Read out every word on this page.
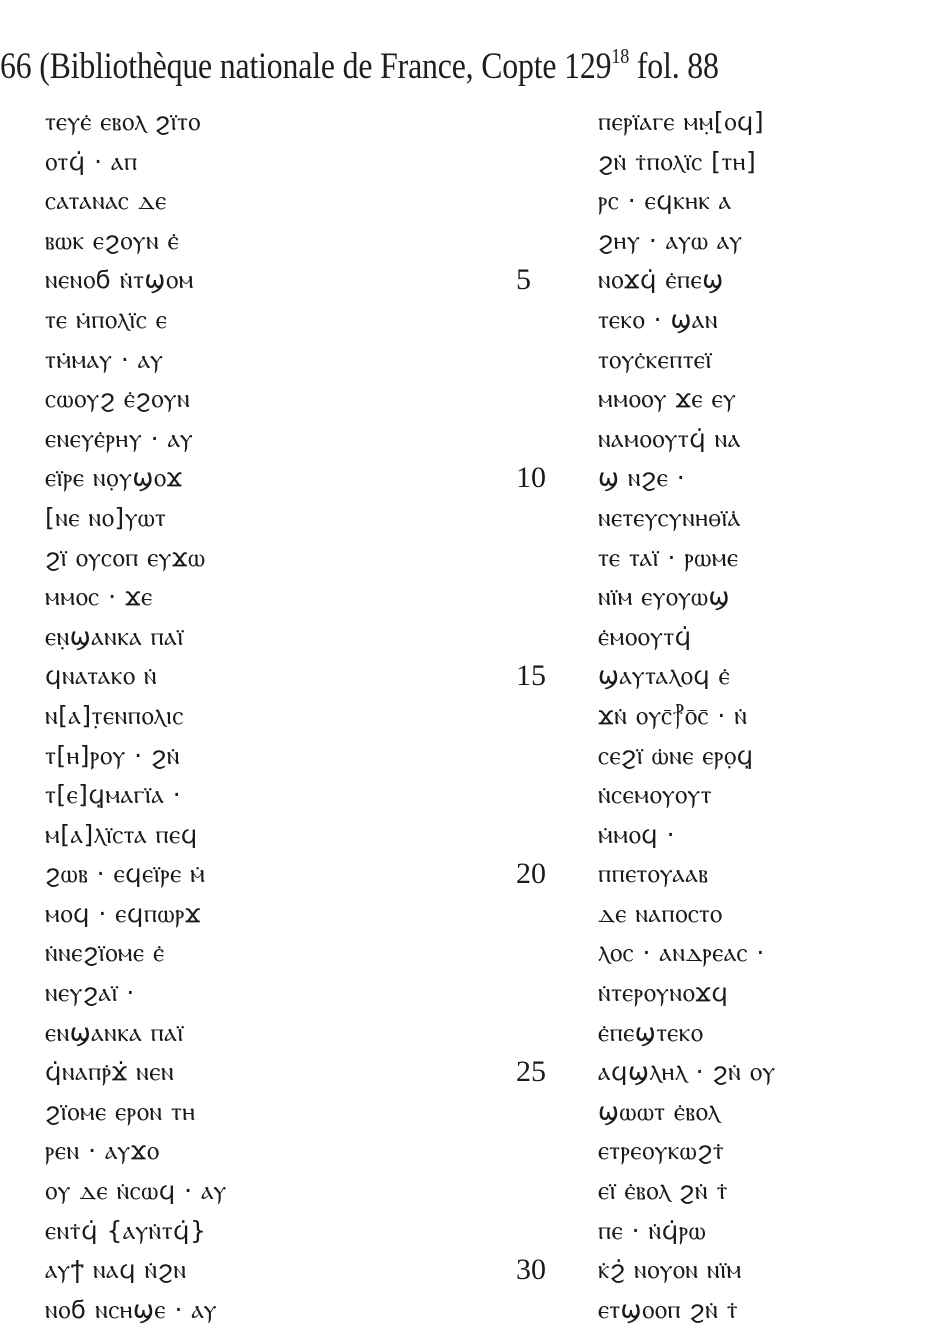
66 (Bibliothèque nationale de France, Copte $129^{18}$ fol. 88
ⲧⲉⲩⲉ̇ ⲉⲃⲟⲗ ϩⲓ̈ⲧⲟ
ⲟⲧϥ̇ · ⲁⲡ
ⲥⲁⲧⲁⲛⲁⲥ ⲇⲉ
ⲃⲱⲕ ⲉϩⲟⲩⲛ ⲉ̇
ⲛⲉⲛⲟϭ ⲛ̇ⲧϣⲟⲙ
ⲧⲉ ⲙ̇ⲡⲟⲗⲓ̈ⲥ ⲉ
ⲧⲙ̇ⲙⲁⲩ · ⲁⲩ
ⲥⲱⲟⲩϩ ⲉ̇ϩⲟⲩⲛ
ⲉⲛⲉⲩⲉ̇ⲣⲏⲩ · ⲁⲩ
ⲉⲓ̈ⲣⲉ ⲛⲟ̣ⲩϣⲟϫ
[ⲛⲉ ⲛⲟ]ⲩⲱⲧ
ϩⲓ̈ ⲟⲩⲥⲟⲡ ⲉⲩϫⲱ
ⲙⲙⲟⲥ · ϫⲉ
ⲉⲛ̣ϣⲁⲛⲕⲁ ⲡⲁⲓ̈
ϥⲛⲁⲧⲁⲕⲟ ⲛ̇
ⲛ[ⲁ]ⲧ̣ⲉⲛⲡⲟⲗⲓⲥ
ⲧ[ⲏ]ⲣ̣ⲟⲩ · ϩⲛ̇
ⲧ[ⲉ]ϥ̣ⲙⲁⲅⲓ̈ⲁ ·
ⲙ[ⲁ]ⲗⲓ̈ⲥⲧⲁ ⲡⲉϥ
ϩⲱⲃ · ⲉϥⲉⲓ̈ⲣⲉ ⲙ̇
ⲙⲟϥ · ⲉϥⲡⲱⲣϫ
ⲛ̇ⲛⲉϩⲓ̈ⲟⲙⲉ ⲉ̇
ⲛⲉⲩϩⲁⲓ̈ ·
ⲉⲛϣⲁⲛⲕⲁ ⲡⲁⲓ̈
ϥ̇ⲛⲁⲡⲣ̇ϫ̇ ⲛⲉⲛ
ϩⲓ̈ⲟⲙⲉ ⲉⲣⲟⲛ ⲧⲏ
ⲣⲉⲛ · ⲁⲩϫⲟ
ⲟⲩ ⲇⲉ ⲛ̇ⲥⲱϥ · ⲁⲩ
ⲉⲛⲧ̇ϥ̇ {ⲁⲩⲛ̇ⲧϥ̇}
ⲁⲩϯ ⲛⲁϥ ⲛ̇ϩⲛ
ⲛⲟϭ ⲛⲥⲏϣⲉ · ⲁⲩ
5
10
15
20
25
30
ⲡⲉⲣⲓ̈ⲁⲅⲉ ⲙⲙ̣[ⲟϥ]
ϩⲛ̇ ⲧ̇ⲡⲟⲗⲓ̈ⲥ [ⲧⲏ]
ⲣⲥ · ⲉϥⲕⲏⲕ ⲁ
ϩⲏⲩ · ⲁⲩⲱ ⲁⲩ
ⲛⲟϫϥ̇ ⲉ̇ⲡⲉϣ
ⲧⲉⲕⲟ · ϣⲁⲛ
ⲧⲟⲩⲥ̇ⲕⲉⲡⲧⲉⲓ̈
ⲙⲙⲟⲟⲩ ϫⲉ ⲉⲩ
ⲛⲁⲙⲟⲟⲩⲧϥ̇ ⲛⲁ
ϣ ⲛϩⲉ ·
ⲛⲉⲧⲉⲩⲥⲩⲛⲏⲑⲓ̈ⲁ̇
ⲧⲉ ⲧⲁⲓ̈ · ⲣⲱⲙⲉ
ⲛⲓ̈ⲙ ⲉⲩⲟⲩⲱϣ
ⲉ̇ⲙⲟⲟⲩⲧϥ̇
ϣⲁⲩⲧⲁⲗⲟϥ ⲉ̇
ϫⲛ̇ ⲟⲩⲥ̄⳨ⲟ̄ⲥ̄ · ⲛ̇
ⲥⲉϩⲓ̈ ⲱ̇ⲛⲉ ⲉⲣⲟ̣ϥ̣
ⲛ̇ⲥⲉⲙⲟⲩⲟⲩⲧ
ⲙ̇ⲙⲟϥ ·
ⲡⲡⲉⲧⲟⲩⲁⲁⲃ
ⲇⲉ ⲛⲁⲡⲟⲥⲧⲟ
ⲗⲟⲥ · ⲁⲛⲇⲣⲉⲁⲥ ·
ⲛ̇ⲧⲉⲣⲟⲩⲛⲟϫϥ
ⲉ̇ⲡⲉϣⲧⲉⲕⲟ
ⲁϥϣⲗⲏⲗ · ϩⲛ̇ ⲟⲩ
ϣⲱⲱⲧ ⲉ̇ⲃⲟⲗ
ⲉⲧⲣⲉⲟⲩⲕⲱϩⲧ̇
ⲉⲓ̈ ⲉ̇ⲃⲟⲗ ϩⲛ̇ ⲧ̇
ⲡⲉ · ⲛ̇ϥ̇ⲣⲱ
ⲕ̇ϩ̇ ⲛⲟⲩⲟⲛ ⲛⲓ̈ⲙ
ⲉⲧϣⲟⲟⲡ ϩⲛ̇ ⲧ̇
